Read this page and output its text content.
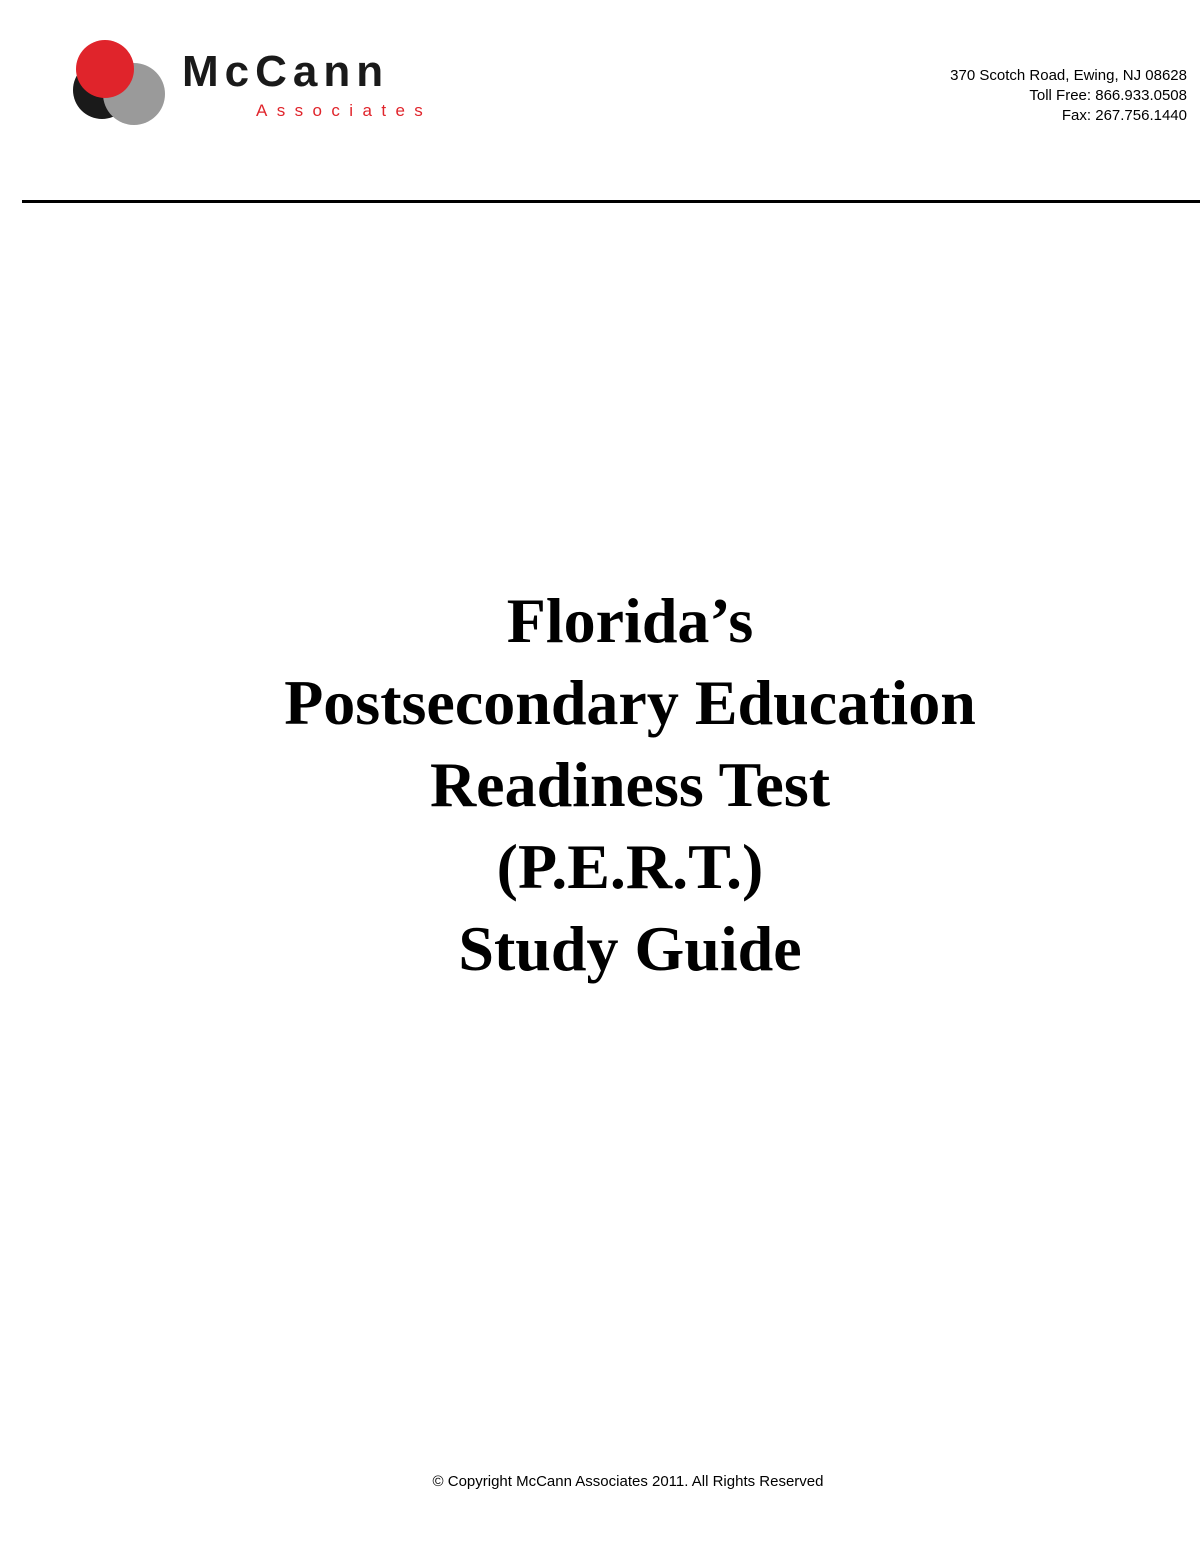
McCann
Associates
370 Scotch Road, Ewing, NJ 08628
Toll Free: 866.933.0508
Fax: 267.756.1440
Florida’s
Postsecondary Education
Readiness Test
(P.E.R.T.)
Study Guide
© Copyright McCann Associates 2011. All Rights Reserved
